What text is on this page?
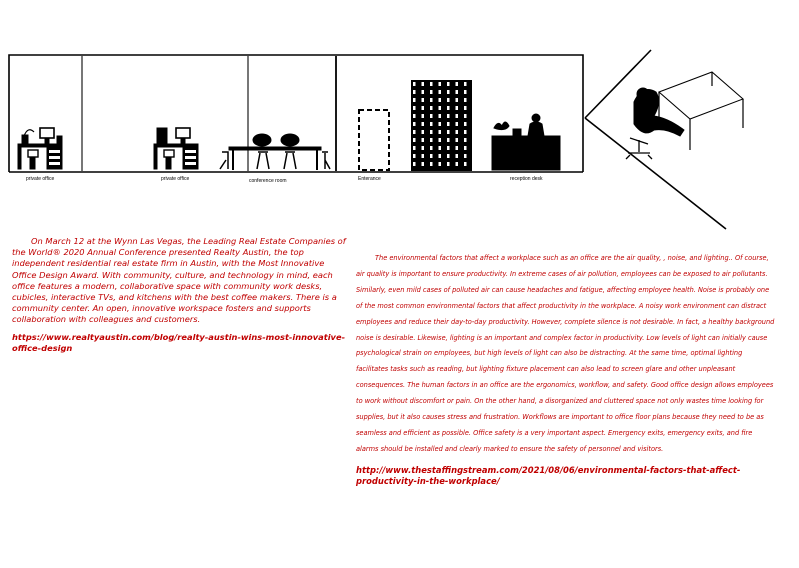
private office	private office	conference room	Enterance	reception desk

On March 12 at the Wynn Las Vegas, the Leading Real Estate Companies of the World® 2020 Annual Conference presented Realty Austin, the top independent residential real estate firm in Austin, with the Most Innovative Office Design Award. With community, culture, and technology in mind, each office features a modern, collaborative space with community work desks, cubicles, interactive TVs, and kitchens with the best coffee makers. There is a community center. An open, innovative workspace fosters and supports collaboration with colleagues and customers.

https://www.realtyaustin.com/blog/realty-austin-wins-most-innovative-office-design

The environmental factors that affect a workplace such as an office are the air quality, , noise, and lighting.. Of course, air quality is important to ensure productivity. In extreme cases of air pollution, employees can be exposed to air pollutants. Similarly, even mild cases of polluted air can cause headaches and fatigue, affecting employee health. Noise is probably one of the most common environmental factors that affect productivity in the workplace. A noisy work environment can distract employees and reduce their day-to-day productivity. However, complete silence is not desirable. In fact, a healthy background noise is desirable. Likewise, lighting is an important and complex factor in productivity. Low levels of light can initially cause psychological strain on employees, but high levels of light can also be distracting. At the same time, optimal lighting facilitates tasks such as reading, but lighting fixture placement can also lead to screen glare and other unpleasant consequences. The human factors in an office are the ergonomics, workflow, and safety. Good office design allows employees to work without discomfort or pain. On the other hand, a disorganized and cluttered space not only wastes time looking for supplies, but it also causes stress and frustration. Workflows are important to office floor plans because they need to be as seamless and efficient as possible. Office safety is a very important aspect. Emergency exits, emergency exits, and fire alarms should be installed and clearly marked to ensure the safety of personnel and visitors.

http://www.thestaffingstream.com/2021/08/06/environmental-factors-that-affect-productivity-in-the-workplace/
